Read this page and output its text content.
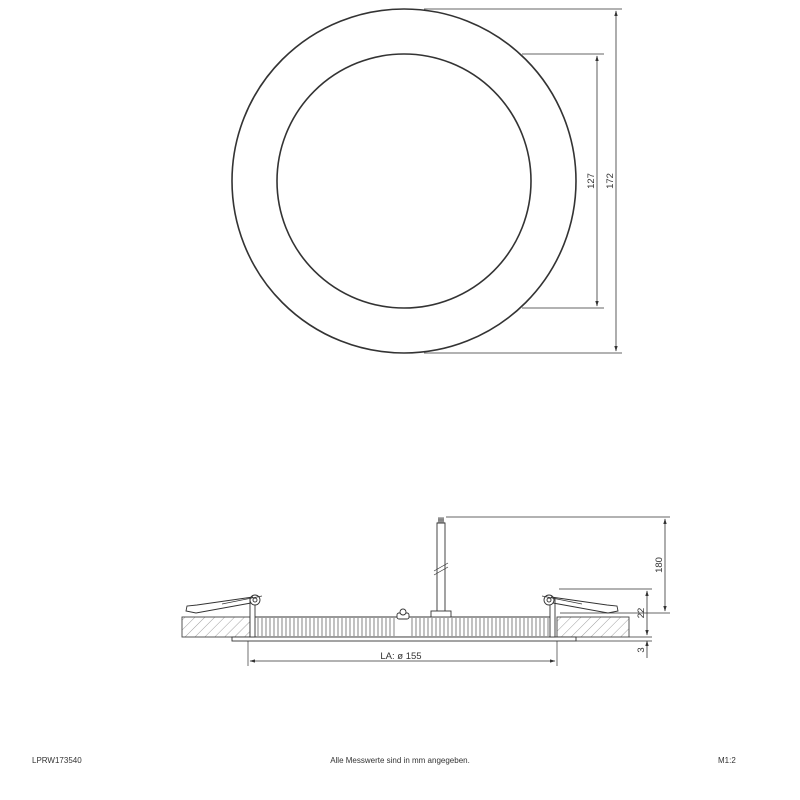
127 172
180
22
3
LA: ø 155
LPRW173540	Alle Messwerte sind in mm angegeben.	M1:2
